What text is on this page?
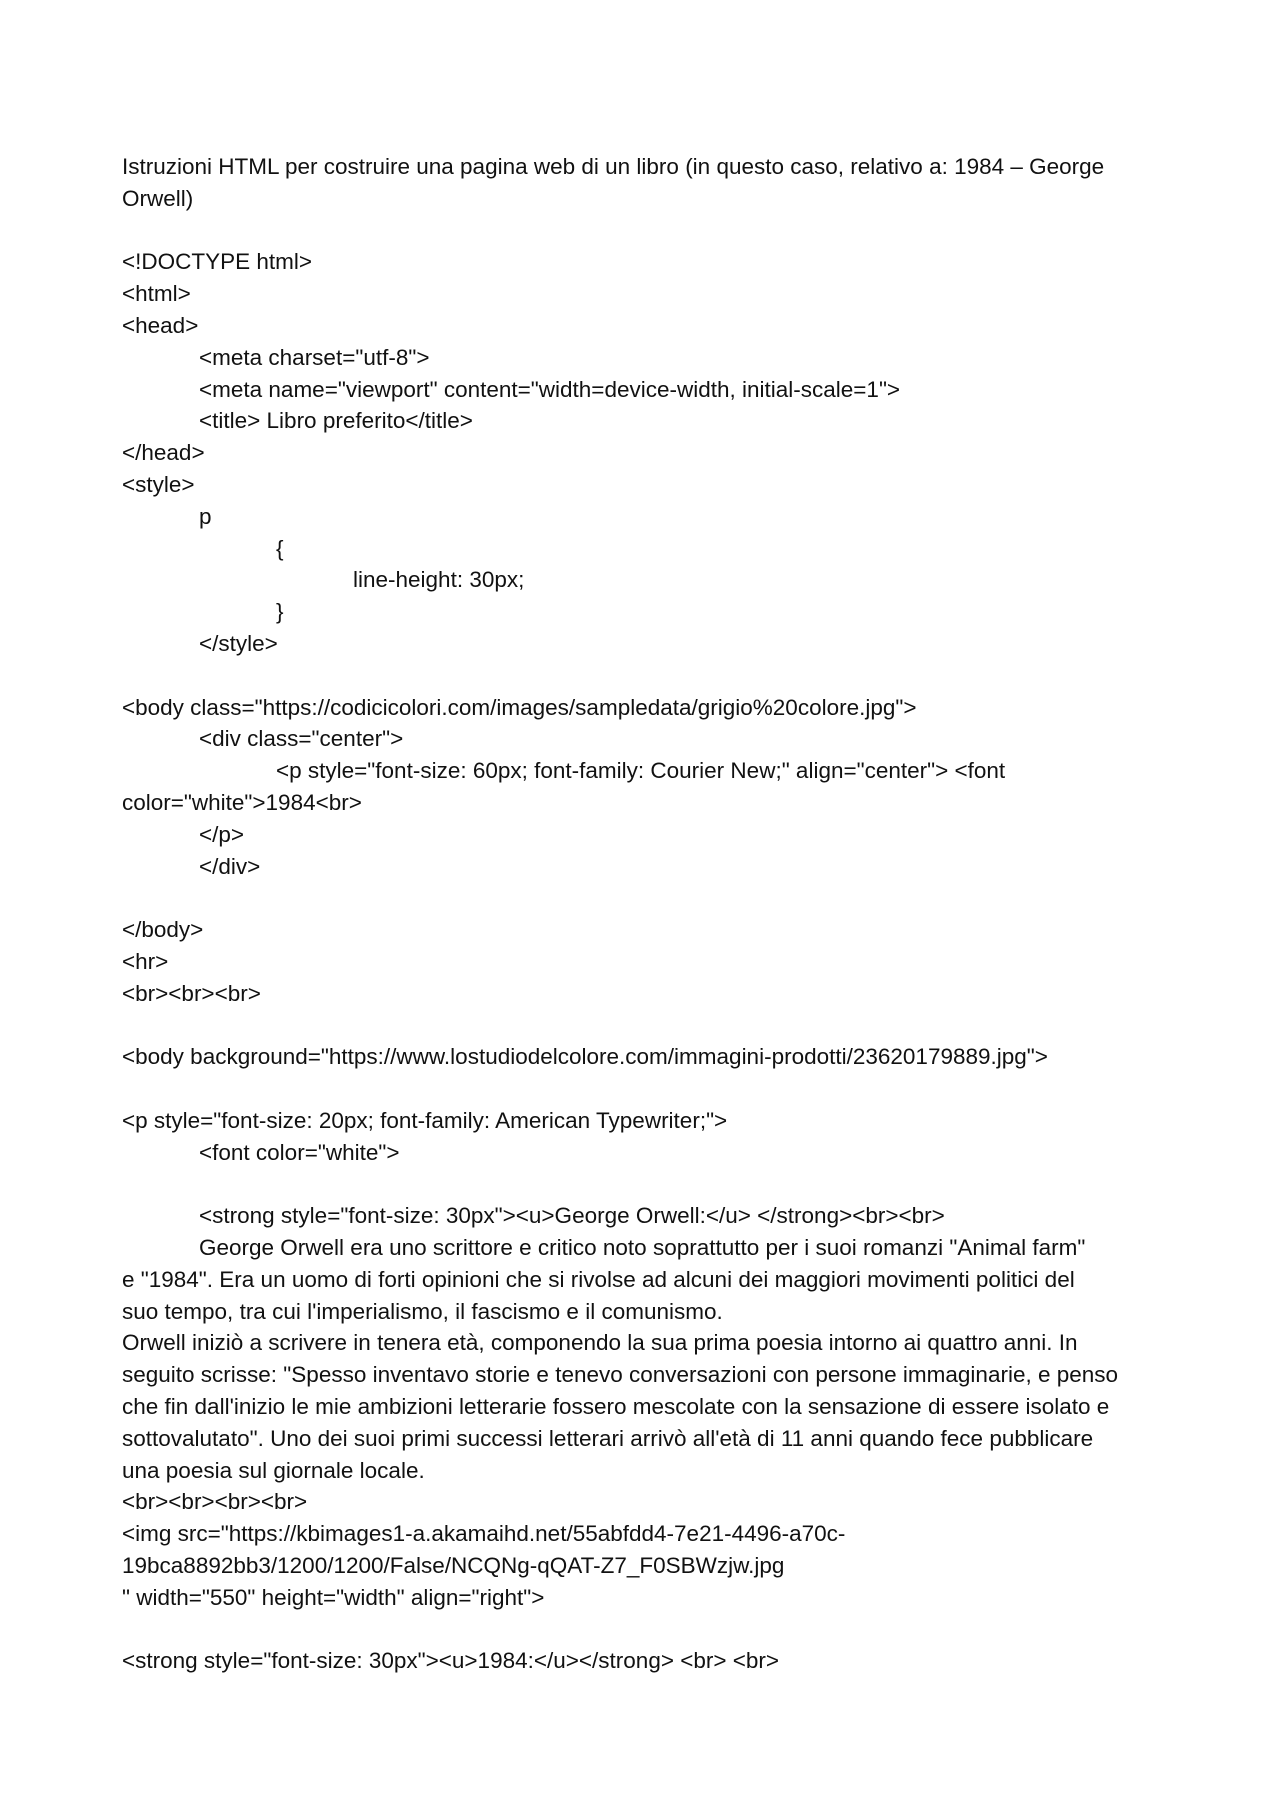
Istruzioni HTML per costruire una pagina web di un libro (in questo caso, relativo a: 1984 – George
Orwell)
<!DOCTYPE html>
<html>
<head>
<meta charset="utf-8">
<meta name="viewport" content="width=device-width, initial-scale=1">
<title> Libro preferito</title>
</head>
<style>
p
{
line-height: 30px;
}
</style>
<body class="https://codicicolori.com/images/sampledata/grigio%20colore.jpg">
<div class="center">
<p style="font-size: 60px; font-family: Courier New;" align="center"> <font
color="white">1984<br>
</p>
</div>
</body>
<hr>
<br><br><br>
<body background="https://www.lostudiodelcolore.com/immagini-prodotti/23620179889.jpg">
<p style="font-size: 20px; font-family: American Typewriter;">
<font color="white">
<strong style="font-size: 30px"><u>George Orwell:</u> </strong><br><br>
George Orwell era uno scrittore e critico noto soprattutto per i suoi romanzi "Animal farm"
e "1984". Era un uomo di forti opinioni che si rivolse ad alcuni dei maggiori movimenti politici del
suo tempo, tra cui l'imperialismo, il fascismo e il comunismo.
Orwell iniziò a scrivere in tenera età, componendo la sua prima poesia intorno ai quattro anni. In
seguito scrisse: "Spesso inventavo storie e tenevo conversazioni con persone immaginarie, e penso
che fin dall'inizio le mie ambizioni letterarie fossero mescolate con la sensazione di essere isolato e
sottovalutato". Uno dei suoi primi successi letterari arrivò all'età di 11 anni quando fece pubblicare
una poesia sul giornale locale.
<br><br><br><br>
<img src="https://kbimages1-a.akamaihd.net/55abfdd4-7e21-4496-a70c-
19bca8892bb3/1200/1200/False/NCQNg-qQAT-Z7_F0SBWzjw.jpg
" width="550" height="width" align="right">
<strong style="font-size: 30px"><u>1984:</u></strong> <br> <br>
